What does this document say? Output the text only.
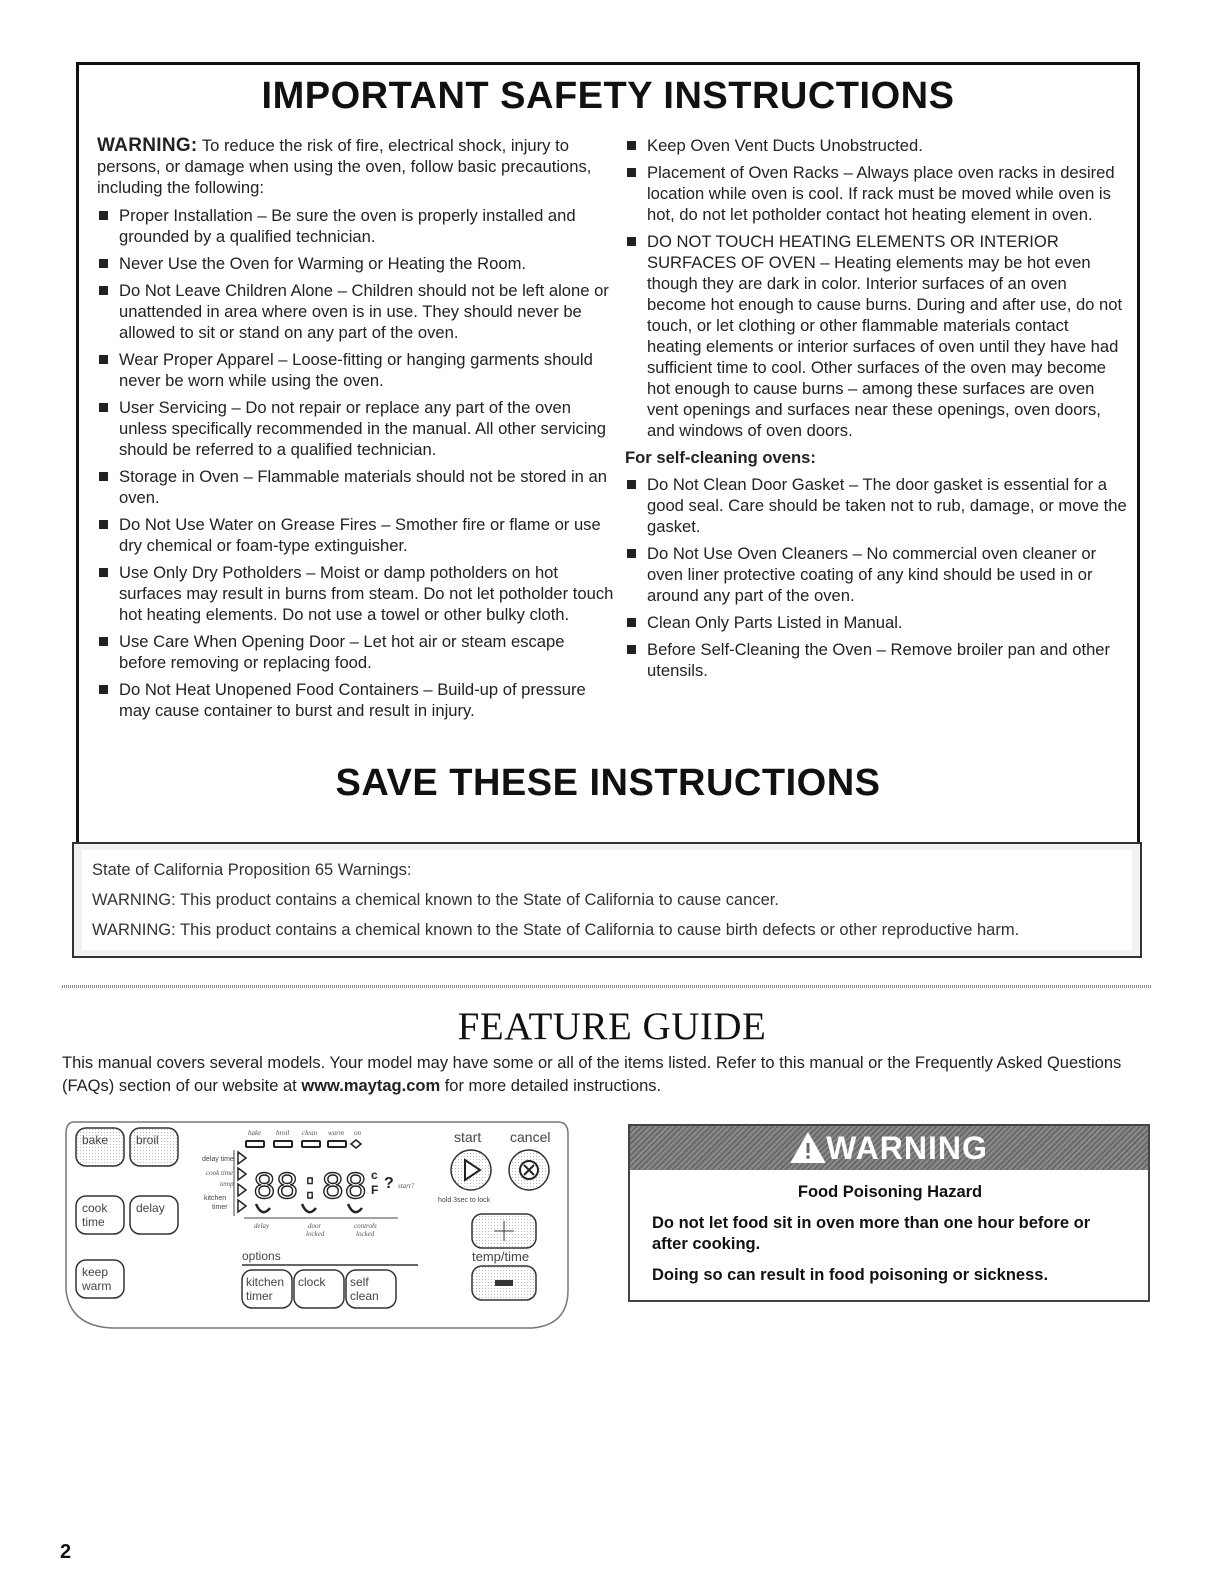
IMPORTANT SAFETY INSTRUCTIONS

WARNING: To reduce the risk of fire, electrical shock, injury to persons, or damage when using the oven, follow basic precautions, including the following:

Proper Installation – Be sure the oven is properly installed and grounded by a qualified technician.
Never Use the Oven for Warming or Heating the Room.
Do Not Leave Children Alone – Children should not be left alone or unattended in area where oven is in use. They should never be allowed to sit or stand on any part of the oven.
Wear Proper Apparel – Loose-fitting or hanging garments should never be worn while using the oven.
User Servicing – Do not repair or replace any part of the oven unless specifically recommended in the manual. All other servicing should be referred to a qualified technician.
Storage in Oven – Flammable materials should not be stored in an oven.
Do Not Use Water on Grease Fires – Smother fire or flame or use dry chemical or foam-type extinguisher.
Use Only Dry Potholders – Moist or damp potholders on hot surfaces may result in burns from steam. Do not let potholder touch hot heating elements. Do not use a towel or other bulky cloth.
Use Care When Opening Door – Let hot air or steam escape before removing or replacing food.
Do Not Heat Unopened Food Containers – Build-up of pressure may cause container to burst and result in injury.
Keep Oven Vent Ducts Unobstructed.
Placement of Oven Racks – Always place oven racks in desired location while oven is cool. If rack must be moved while oven is hot, do not let potholder contact hot heating element in oven.
DO NOT TOUCH HEATING ELEMENTS OR INTERIOR SURFACES OF OVEN – Heating elements may be hot even though they are dark in color. Interior surfaces of an oven become hot enough to cause burns. During and after use, do not touch, or let clothing or other flammable materials contact heating elements or interior surfaces of oven until they have had sufficient time to cool. Other surfaces of the oven may become hot enough to cause burns – among these surfaces are oven vent openings and surfaces near these openings, oven doors, and windows of oven doors.
For self-cleaning ovens:
Do Not Clean Door Gasket – The door gasket is essential for a good seal. Care should be taken not to rub, damage, or move the gasket.
Do Not Use Oven Cleaners – No commercial oven cleaner or oven liner protective coating of any kind should be used in or around any part of the oven.
Clean Only Parts Listed in Manual.
Before Self-Cleaning the Oven – Remove broiler pan and other utensils.
SAVE THESE INSTRUCTIONS

State of California Proposition 65 Warnings:

WARNING: This product contains a chemical known to the State of California to cause cancer.

WARNING: This product contains a chemical known to the State of California to cause birth defects or other reproductive harm.

FEATURE GUIDE
This manual covers several models. Your model may have some or all of the items listed. Refer to this manual or the Frequently Asked Questions (FAQs) section of our website at www.maytag.com for more detailed instructions.
bake broil
cook
time
delay
keep
warm
bake broil clean warm on
delay time
cook time
temp
kitchen
timer 88:88 c
F ? start?
delay	door
locked
controls
locked
start cancel
hold 3sec to lock
temp/time
options
kitchen
timer
clock self
clean
WARNING
Food Poisoning Hazard
Do not let food sit in oven more than one hour before or after cooking.
Doing so can result in food poisoning or sickness.
2
